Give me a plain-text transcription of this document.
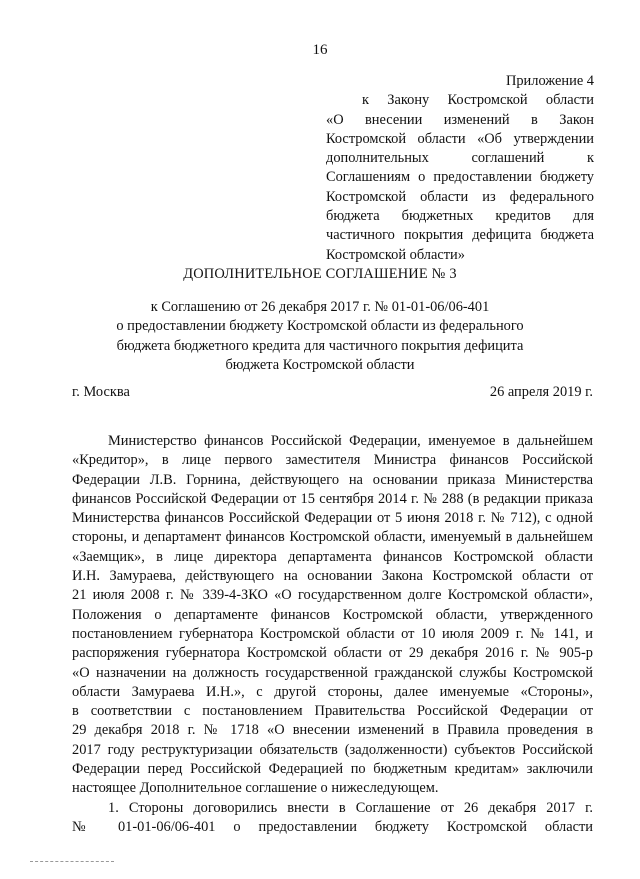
16
Приложение 4
к Закону Костромской области
«О внесении изменений в Закон
Костромской области «Об утверждении
дополнительных соглашений к
Соглашениям о предоставлении бюджету
Костромской области из федерального
бюджета бюджетных кредитов для
частичного покрытия дефицита бюджета
Костромской области»
ДОПОЛНИТЕЛЬНОЕ СОГЛАШЕНИЕ № 3
к Соглашению от 26 декабря 2017 г. № 01-01-06/06-401
о предоставлении бюджету Костромской области из федерального
бюджета бюджетного кредита для частичного покрытия дефицита
бюджета Костромской области
г. Москва	26 апреля 2019 г.
Министерство финансов Российской Федерации, именуемое в дальнейшем
«Кредитор», в лице первого заместителя Министра финансов Российской
Федерации Л.В. Горнина, действующего на основании приказа Министерства
финансов Российской Федерации от 15 сентября 2014 г. № 288 (в редакции приказа
Министерства финансов Российской Федерации от 5 июня 2018 г. № 712), с одной
стороны, и департамент финансов Костромской области, именуемый в дальнейшем
«Заемщик», в лице директора департамента финансов Костромской области
И.Н. Замураева, действующего на основании Закона Костромской области от
21 июля 2008 г. № 339-4-ЗКО «О государственном долге Костромской области»,
Положения о департаменте финансов Костромской области, утвержденного
постановлением губернатора Костромской области от 10 июля 2009 г. № 141, и
распоряжения губернатора Костромской области от 29 декабря 2016 г. № 905-р
«О назначении на должность государственной гражданской службы Костромской
области Замураева И.Н.», с другой стороны, далее именуемые «Стороны»,
в соответствии с постановлением Правительства Российской Федерации от
29 декабря 2018 г. № 1718 «О внесении изменений в Правила проведения в
2017 году реструктуризации обязательств (задолженности) субъектов Российской
Федерации перед Российской Федерацией по бюджетным кредитам» заключили
настоящее Дополнительное соглашение о нижеследующем.
1. Стороны договорились внести в Соглашение от 26 декабря 2017 г.
№ 01-01-06/06-401 о предоставлении бюджету Костромской области
